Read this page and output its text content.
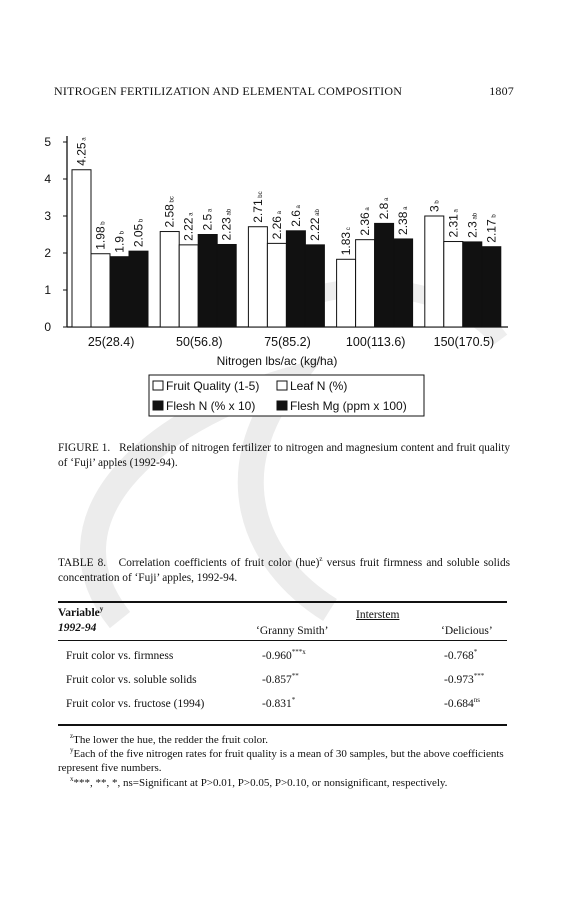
NITROGEN FERTILIZATION AND ELEMENTAL COMPOSITION	1807
0
1
2
3
4
5
4.25 a
1.98 b
1.9 b 2.05 b
25(28.4)
2.58 bc
2.22 a 2.5 a
2.23 ab
50(56.8)
2.71 bc
2.26 a 2.6 a
2.22 ab
75(85.2)
1.83 c 2.36 a 2.8 a
2.38 a
100(113.6)
3 b
2.31 a
2.3 ab
2.17 b
150(170.5)
Nitrogen lbs/ac (kg/ha)
Fruit Quality (1-5)	Leaf N (%)
Flesh N (% x 10)	Flesh Mg (ppm x 100)
FIGURE 1. Relationship of nitrogen fertilizer to nitrogen and magnesium content and fruit quality of ‘Fuji’ apples (1992-94).
TABLE 8. Correlation coefficients of fruit color (hue)$^z$ versus fruit firmness and soluble solids concentration of ‘Fuji’ apples, 1992-94.
Variable$^y$
1992-94
Interstem
‘Granny Smith’	‘Delicious’
Fruit color vs. firmness	-0.960$^{***x}$	-0.768*
Fruit color vs. soluble solids	-0.857**	-0.973***
Fruit color vs. fructose (1994)	-0.831*	$-0.684^{ns}$
$^z$The lower the hue, the redder the fruit color.
$^y$Each of the five nitrogen rates for fruit quality is a mean of 30 samples, but the above coefficients represent five numbers.
$^x$***, **, *, ns=Significant at P>0.01, P>0.05, P>0.10, or nonsignificant, respectively.
